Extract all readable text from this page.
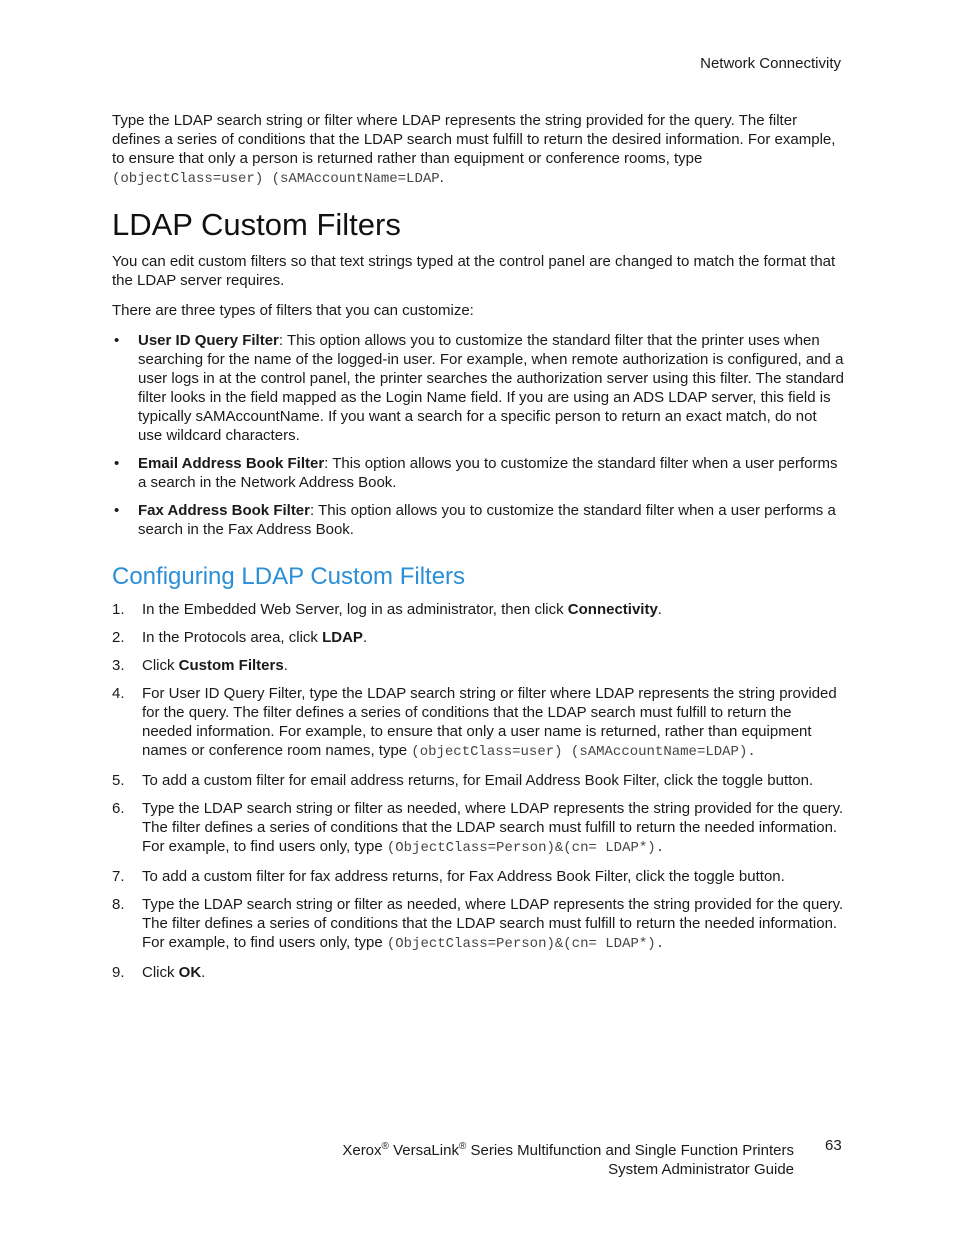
Network Connectivity

Type the LDAP search string or filter where LDAP represents the string provided for the query. The filter defines a series of conditions that the LDAP search must fulfill to return the desired information. For example, to ensure that only a person is returned rather than equipment or conference rooms, type (objectClass=user) (sAMAccountName=LDAP.

LDAP Custom Filters

You can edit custom filters so that text strings typed at the control panel are changed to match the format that the LDAP server requires.

There are three types of filters that you can customize:

• User ID Query Filter: This option allows you to customize the standard filter that the printer uses when searching for the name of the logged-in user. For example, when remote authorization is configured, and a user logs in at the control panel, the printer searches the authorization server using this filter. The standard filter looks in the field mapped as the Login Name field. If you are using an ADS LDAP server, this field is typically sAMAccountName. If you want a search for a specific person to return an exact match, do not use wildcard characters.
• Email Address Book Filter: This option allows you to customize the standard filter when a user performs a search in the Network Address Book.
• Fax Address Book Filter: This option allows you to customize the standard filter when a user performs a search in the Fax Address Book.
Configuring LDAP Custom Filters
1. In the Embedded Web Server, log in as administrator, then click Connectivity.
2. In the Protocols area, click LDAP.
3. Click Custom Filters.
4. For User ID Query Filter, type the LDAP search string or filter where LDAP represents the string provided for the query. The filter defines a series of conditions that the LDAP search must fulfill to return the needed information. For example, to ensure that only a user name is returned, rather than equipment names or conference room names, type (objectClass=user) (sAMAccountName=LDAP).
5. To add a custom filter for email address returns, for Email Address Book Filter, click the toggle button.
6. Type the LDAP search string or filter as needed, where LDAP represents the string provided for the query. The filter defines a series of conditions that the LDAP search must fulfill to return the needed information. For example, to find users only, type (ObjectClass=Person)&(cn= LDAP*).
7. To add a custom filter for fax address returns, for Fax Address Book Filter, click the toggle button.
8. Type the LDAP search string or filter as needed, where LDAP represents the string provided for the query. The filter defines a series of conditions that the LDAP search must fulfill to return the needed information. For example, to find users only, type (ObjectClass=Person)&(cn= LDAP*).
9. Click OK.
Xerox® VersaLink® Series Multifunction and Single Function Printers
System Administrator Guide
63
